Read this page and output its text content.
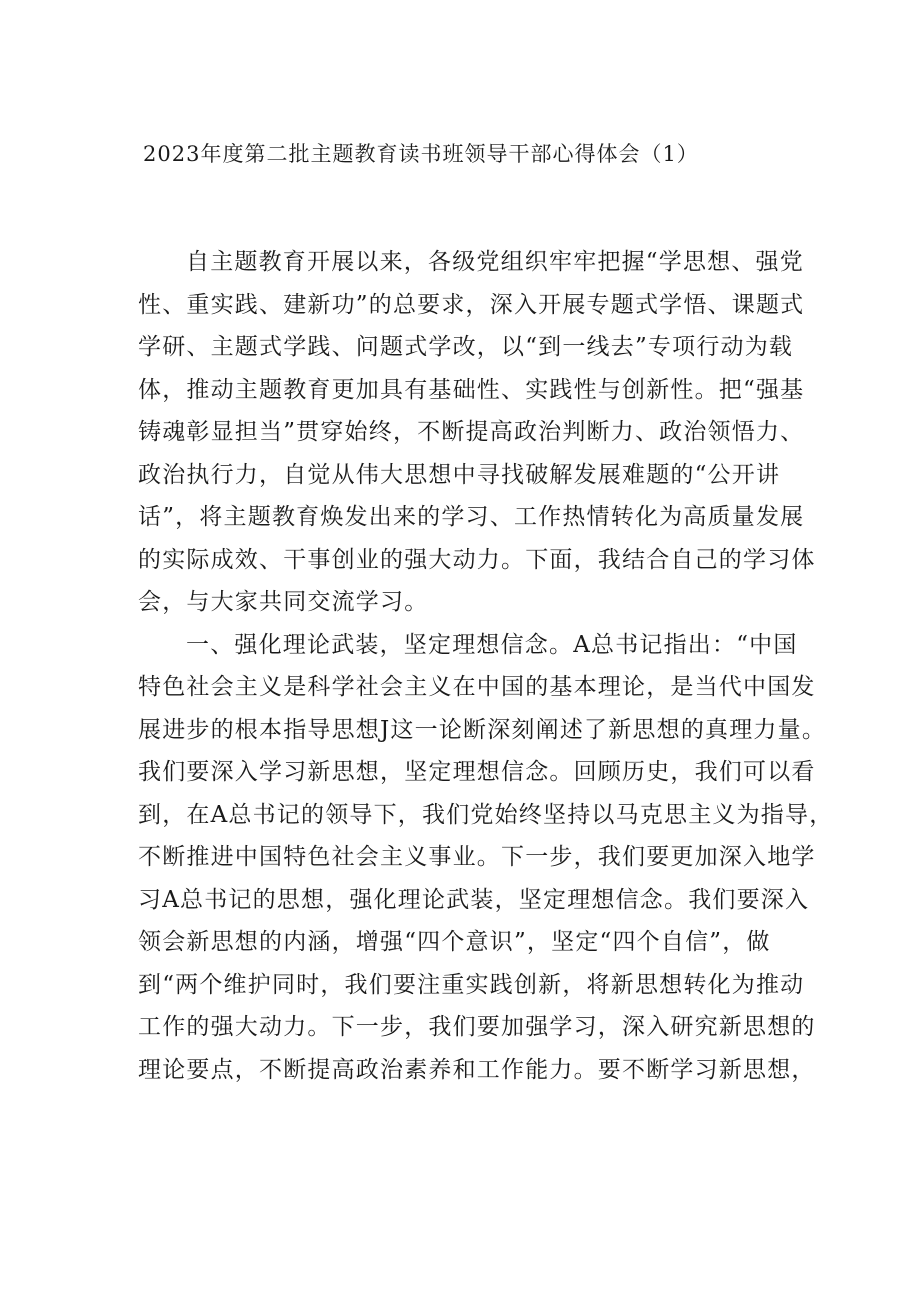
2023年度第二批主题教育读书班领导干部心得体会（1）
自主题教育开展以来，各级党组织牢牢把握“学思想、强党
性、重实践、建新功”的总要求，深入开展专题式学悟、课题式
学研、主题式学践、问题式学改，以“到一线去”专项行动为载
体，推动主题教育更加具有基础性、实践性与创新性。把“强基
铸魂彰显担当”贯穿始终，不断提高政治判断力、政治领悟力、
政治执行力，自觉从伟大思想中寻找破解发展难题的“公开讲
话”，将主题教育焕发出来的学习、工作热情转化为高质量发展
的实际成效、干事创业的强大动力。下面，我结合自己的学习体
会，与大家共同交流学习。
一、强化理论武装，坚定理想信念。A总书记指出：“中国
特色社会主义是科学社会主义在中国的基本理论，是当代中国发
展进步的根本指导思想J这一论断深刻阐述了新思想的真理力量。
我们要深入学习新思想，坚定理想信念。回顾历史，我们可以看
到，在A总书记的领导下，我们党始终坚持以马克思主义为指导，
不断推进中国特色社会主义事业。下一步，我们要更加深入地学
习A总书记的思想，强化理论武装，坚定理想信念。我们要深入
领会新思想的内涵，增强“四个意识”，坚定“四个自信”，做
到“两个维护同时，我们要注重实践创新，将新思想转化为推动
工作的强大动力。下一步，我们要加强学习，深入研究新思想的
理论要点，不断提高政治素养和工作能力。要不断学习新思想，
